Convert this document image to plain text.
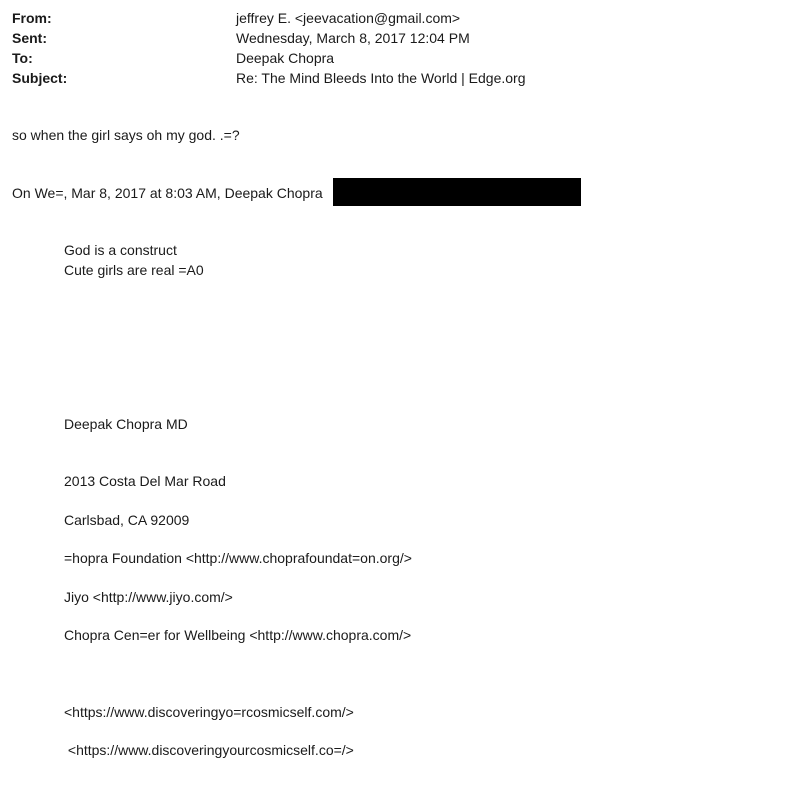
From:	jeffrey E. <jeevacation@gmail.com>
Sent:	Wednesday, March 8, 2017 12:04 PM
To:	Deepak Chopra
Subject:	Re: The Mind Bleeds Into the World | Edge.org
so when the girl says oh my god. .=?
On We=, Mar 8, 2017 at 8:03 AM, Deepak Chopra
God is a construct
Cute girls are real =A0
Deepak Chopra MD
2013 Costa Del Mar Road
Carlsbad, CA 92009
=hopra Foundation <http://www.choprafoundat=on.org/>
Jiyo <http://www.jiyo.com/>
Chopra Cen=er for Wellbeing <http://www.chopra.com/>
<https://www.discoveringyo=rcosmicself.com/>
<https://www.discoveringyourcosmicself.co=/>
